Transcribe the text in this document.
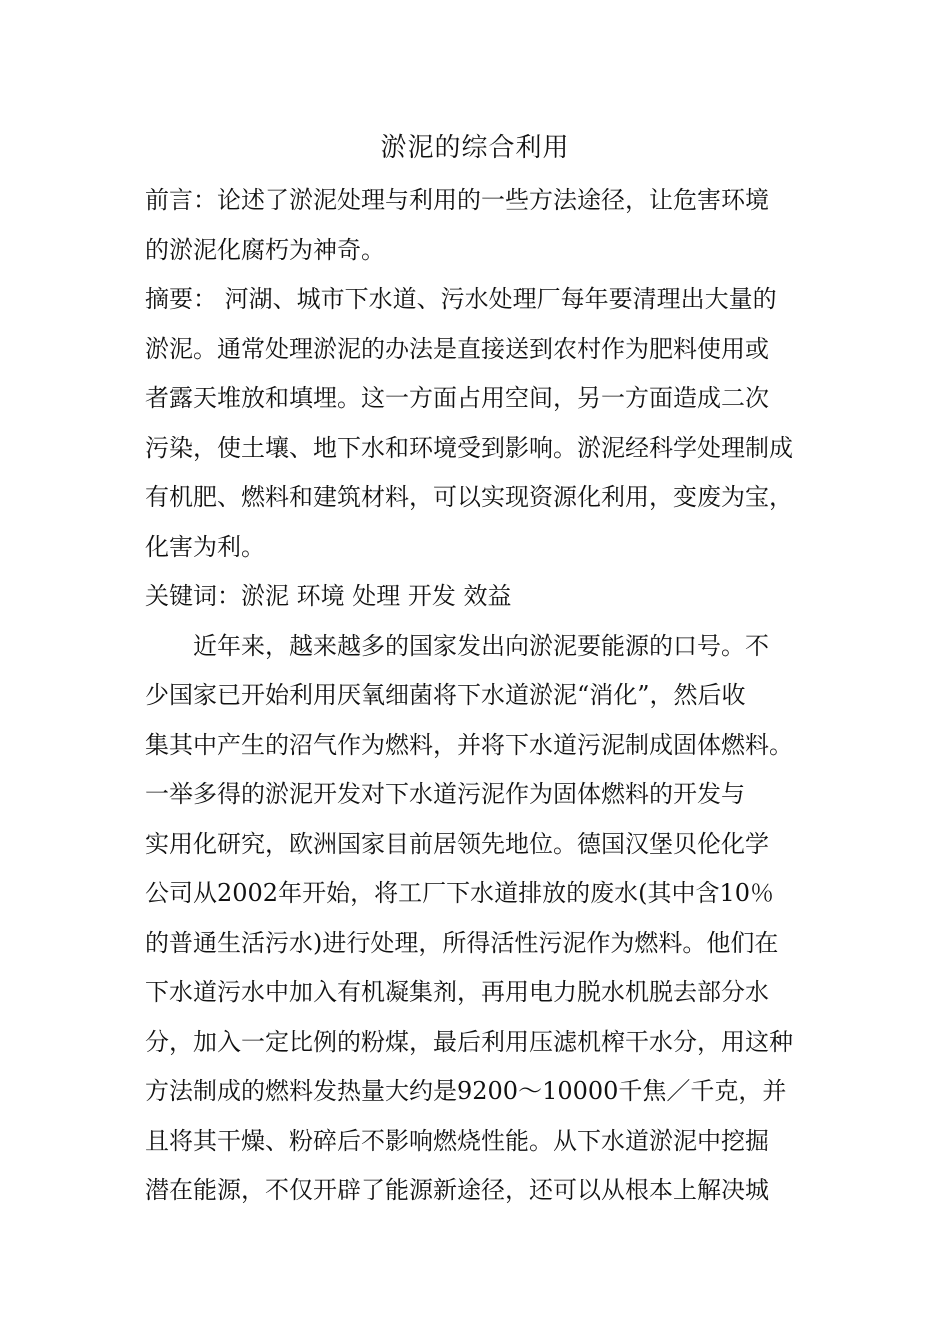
淤泥的综合利用
前言：论述了淤泥处理与利用的一些方法途径，让危害环境
的淤泥化腐朽为神奇。
摘要： 河湖、城市下水道、污水处理厂每年要清理出大量的
淤泥。通常处理淤泥的办法是直接送到农村作为肥料使用或
者露天堆放和填埋。这一方面占用空间，另一方面造成二次
污染，使土壤、地下水和环境受到影响。淤泥经科学处理制成
有机肥、燃料和建筑材料，可以实现资源化利用，变废为宝，
化害为利。
关键词：淤泥 环境 处理 开发 效益
近年来，越来越多的国家发出向淤泥要能源的口号。不
少国家已开始利用厌氧细菌将下水道淤泥“消化”，然后收
集其中产生的沼气作为燃料，并将下水道污泥制成固体燃料。
一举多得的淤泥开发对下水道污泥作为固体燃料的开发与
实用化研究，欧洲国家目前居领先地位。德国汉堡贝伦化学
公司从2002年开始，将工厂下水道排放的废水(其中含10％
的普通生活污水)进行处理，所得活性污泥作为燃料。他们在
下水道污水中加入有机凝集剂，再用电力脱水机脱去部分水
分，加入一定比例的粉煤，最后利用压滤机榨干水分，用这种
方法制成的燃料发热量大约是9200～10000千焦／千克，并
且将其干燥、粉碎后不影响燃烧性能。从下水道淤泥中挖掘
潜在能源，不仅开辟了能源新途径，还可以从根本上解决城
